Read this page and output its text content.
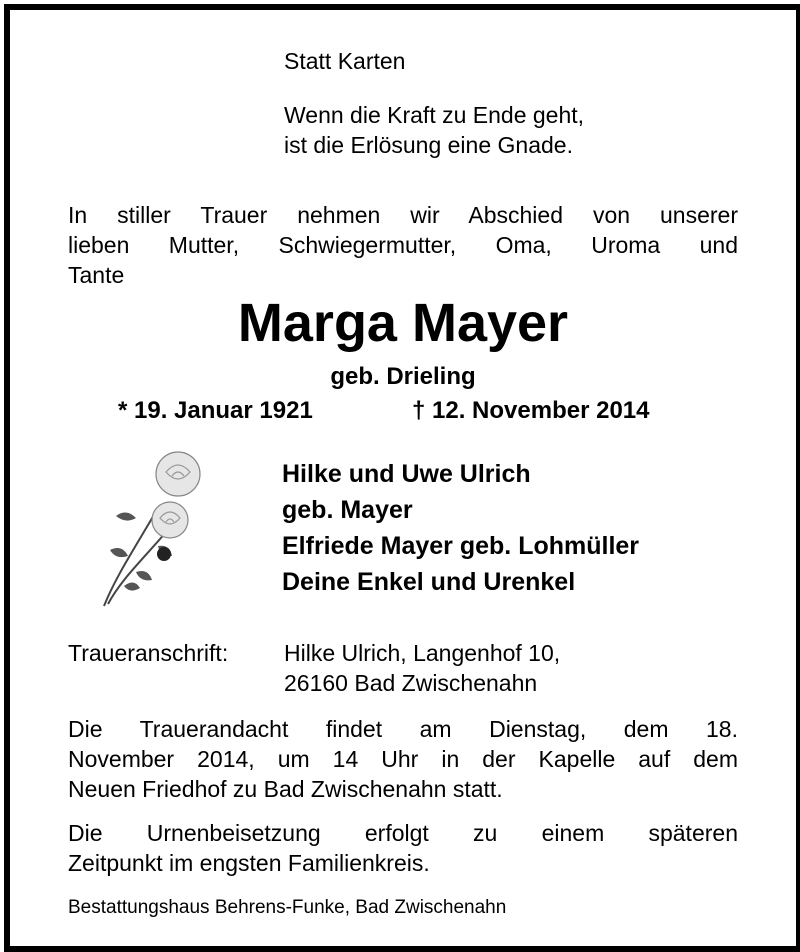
Statt Karten

Wenn die Kraft zu Ende geht,
ist die Erlösung eine Gnade.
In stiller Trauer nehmen wir Abschied von unserer
lieben Mutter, Schwiegermutter, Oma, Uroma und
Tante

Marga Mayer

geb. Drieling

* 19. Januar 1921	† 12. November 2014

Hilke und Uwe Ulrich
geb. Mayer
Elfriede Mayer geb. Lohmüller
Deine Enkel und Urenkel

Traueranschrift: Hilke Ulrich, Langenhof 10,
26160 Bad Zwischenahn
Die Trauerandacht findet am Dienstag, dem 18.
November 2014, um 14 Uhr in der Kapelle auf dem
Neuen Friedhof zu Bad Zwischenahn statt.
Die Urnenbeisetzung erfolgt zu einem späteren
Zeitpunkt im engsten Familienkreis.

Bestattungshaus Behrens-Funke, Bad Zwischenahn
